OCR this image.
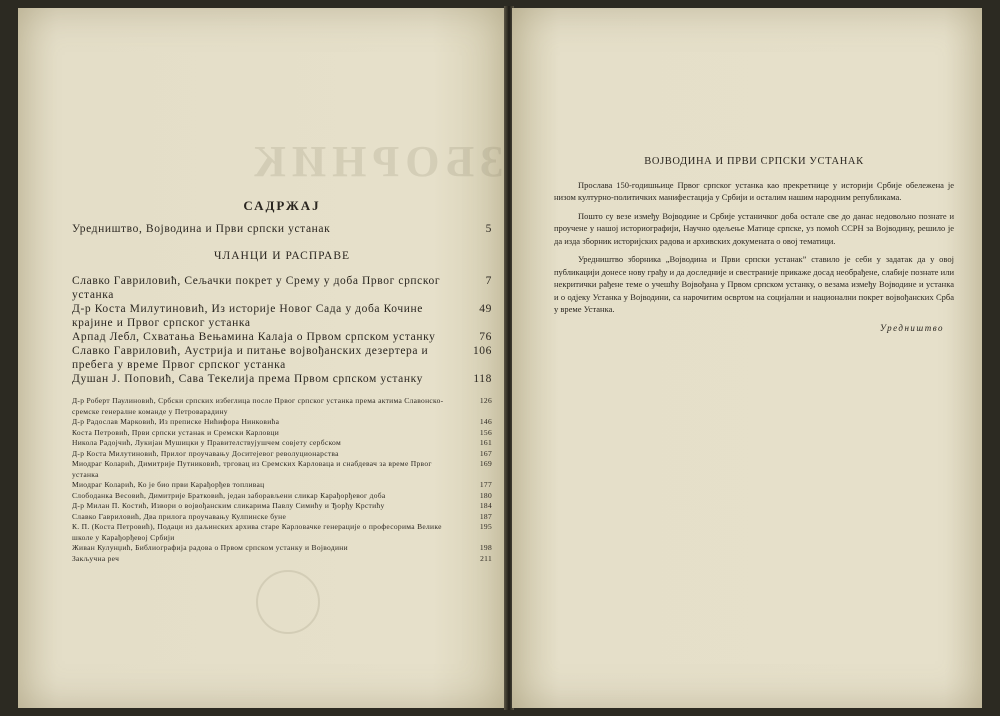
ЗБОРНИК
САДРЖАЈ
Уредништво, Војводина и Први српски устанак	5
ЧЛАНЦИ И РАСПРАВЕ
Славко Гавриловић, Сељачки покрет у Срему у доба Првог српског устанка
7
Д-р Коста Милутиновић, Из историје Новог Сада у доба Кочине крајине и Првог српског устанка
49
Арпад Лебл, Схватања Вењамина Калаја о Првом српском устанку	76
Славко Гавриловић, Аустрија и питање војвођанских дезертера и пребега у време Првог српског устанка
106
Душан Ј. Поповић, Сава Текелија према Првом српском устанку	118
Д-р Роберт Паулиновић, Србски српских избеглица после Првог српског устанка према актима Славонско-сремске генералне команде у Петроварадину
126
Д-р Радослав Марковић, Из преписке Нићифора Нинковића	146
Коста Петровић, Први српски устанак и Сремски Карловци	156
Никола Радојчић, Лукијан Мушицки у Правителствујушчем совјету сербском	161
Д-р Коста Милутиновић, Прилог проучавању Доситејевог револуционарства	167
Миодраг Коларић, Димитрије Путниковић, трговац из Сремских Карловаца и снабдевач за време Првог устанка
169
Миодраг Коларић, Ко је био први Карађорђев топливац	177
Слободанка Весовић, Димитрије Братковић, један заборављени сликар Карађорђевог доба	180
Д-р Милан П. Костић, Извори о војвођанским сликарима Павлу Симићу и Ђорђу Крстићу	184
Славко Гавриловић, Два прилога проучавању Кулпинске буне	187
К. П. (Коста Петровић), Подаци из даљинских архива старе Карловачке генерације о професорима Велике школе у Карађорђевој Србији
195
Живан Кулунџић, Библиографија радова о Првом српском устанку и Војводини	198
Закључна реч	211
ВОЈВОДИНА И ПРВИ СРПСКИ УСТАНАК

Прослава 150-годишњице Првог српског устанка као прекретнице у историји Србије обележена је низом културно-политичких манифестација у Србији и осталим нашим народним републикама.

Пошто су везе између Војводине и Србије устаничког доба остале све до данас недовољно познате и проучене у нашој историографији, Научно одељење Матице српске, уз помоћ ССРН за Војводину, решило је да изда зборник историјских радова и архивских докумената о овој тематици.

Уредништво зборника „Војводина и Први српски устанак” ставило је себи у задатак да у овој публикацији донесе нову грађу и да доследније и свестраније прикаже досад необрађене, слабије познате или некритички рађене теме о учешћу Војвођана у Првом српском устанку, о везама између Војводине и устанка и о одјеку Устанка у Војводини, са нарочитим освртом на социјални и национални покрет војвођанских Срба у време Устанка.

Уредништво
